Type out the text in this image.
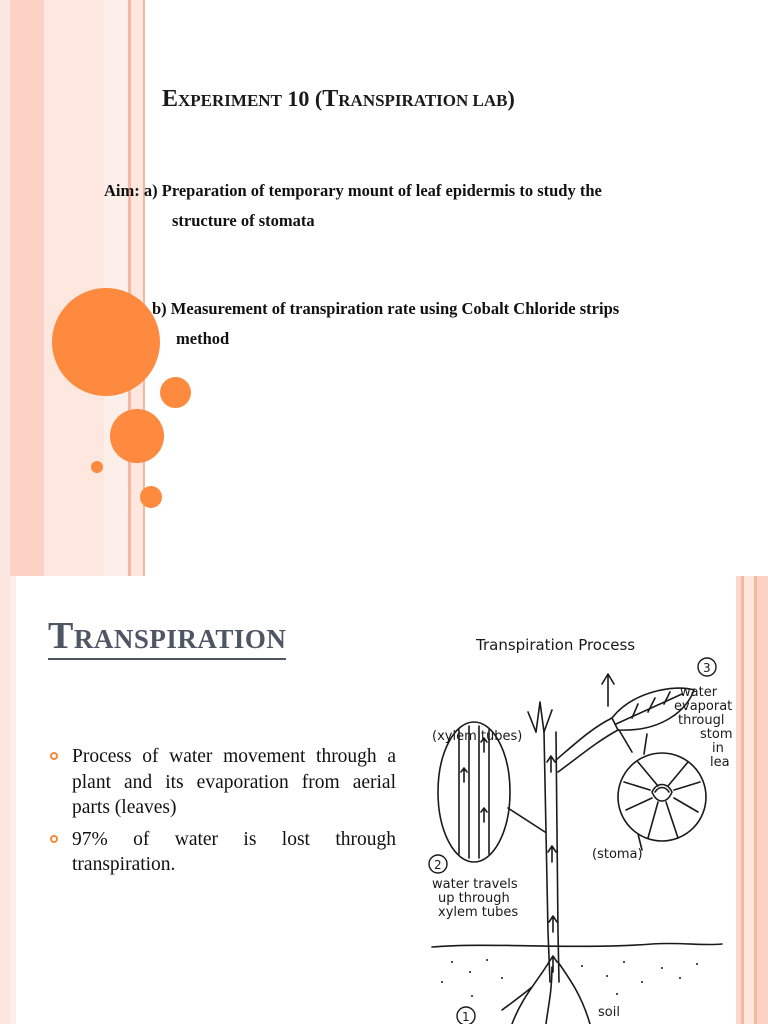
EXPERIMENT 10 (TRANSPIRATION LAB)
Aim: a) Preparation of temporary mount of leaf epidermis to study the
structure of stomata
b) Measurement of transpiration rate using Cobalt Chloride strips
method
Transpiration
Process of water movement through a plant and its evaporation from aerial parts (leaves)
97% of water is lost through transpiration.
Transpiration Process
(xylem tubes)
2
water travels
up through
xylem tubes
3
water
evaporat
througl
stom
in
lea
(stoma)
1	soil
